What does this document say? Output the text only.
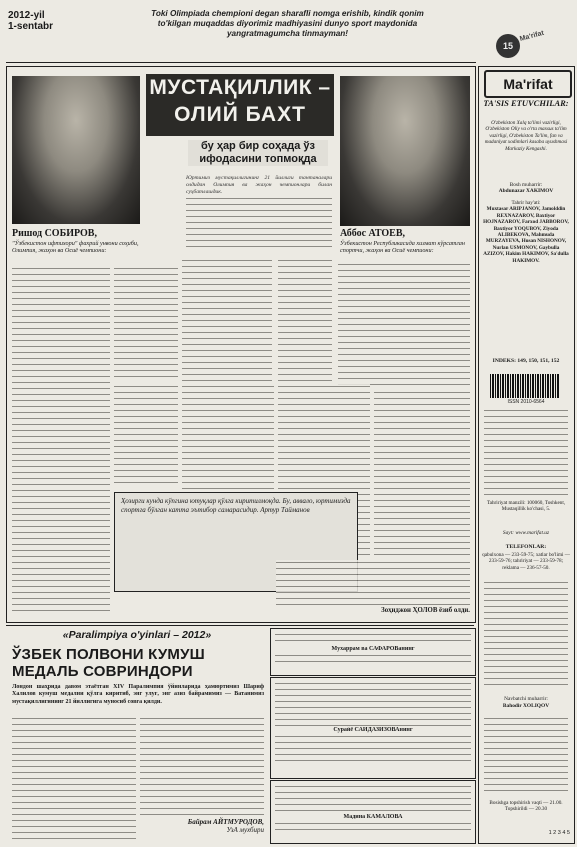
2012-yil
1-sentabr
Toki Olimpiada chempioni degan sharafli nomga erishib, kindik qonim
to'kilgan muqaddas diyorimiz madhiyasini dunyo sport maydonida
yangratmagumcha tinmayman!
15
Ma'rifat
МУСТАҚИЛЛИК –
ОЛИЙ БАХТ
бу ҳар бир соҳада ўз
ифодасини топмоқда
Юртимиз мустақиллигининг 21 йиллиги тантаналари олдидан Олимпия ва жаҳон чемпионлари билан суҳбатлашдик.
Ришод СОБИРОВ,
"Ўзбекистон ифтихори" фахрий унвони соҳиби, Олимпия, жаҳон ва Осиё чемпиони:
Аббос АТОЕВ,
Ўзбекистон Республикасида хизмат кўрсатган спортчи, жаҳон ва Осиё чемпиони:
Ҳозирги кунда кўпгина ютуқлар қўлга киритилмоқда. Бу, аввало, юртимизда спортга бўлган катта эътибор самарасидир. Артур Тайманов
Зоҳиджон ҲОЛОВ ёзиб олди.
Ma'rifat
TA'SIS ETUVCHILAR:
O'zbekiston Xalq ta'limi vazirligi, O'zbekiston Oliy va o'rta maxsus ta'lim vazirligi, O'zbekiston Ta'lim, fan va madaniyat xodimlari kasaba uyushmasi Markaziy Kengashi.
Bosh muharrir:
Abdunazar XAKIMOV
Tahrir hay'ati:
Muxtasar ARIPJANOV, Jamolddin REXNAZAROV, Baxtiyor HOJNAZAROV, Farxod JABBOROV, Baxtiyor YOQUBOV, Ziyoda ALIBEKOVA, Mahmuda MURZAYEVA, Husan NISHONOV, Nurlan USMONOV, Gaybulla AZIZOV, Hakim HAKIMOV, Sa'dulla HAKIMOV.
INDEKS: 149, 150, 151, 152
ISSN 2010-6564
Tahririyat manzili: 100060, Toshkent, Mustaqillik ko'chasi, 5.
Sayt: www.marifat.uz
TELEFONLAR:
qabulxona — 233-59-75; xatlar bo'limi — 233-59-76; tahririyat — 233-59-78; reklama — 236-57-50.
Navbatchi muharrir:
Bahodir XOLIQOV
Bosishga topshirish vaqti — 21.00. Topshirildi — 20.30
1 2 3 4 5
«Paralimpiya o'yinlari – 2012»
ЎЗБЕК ПОЛВОНИ КУМУШ МЕДАЛЬ СОВРИНДОРИ
Лондон шаҳрида давом этаётган XIV Паралимпия ўйинларида ҳамюртимиз Шариф Халилов кумуш медални қўлга киритиб, энг улуғ, энг азиз байрамимиз — Ватанимиз мустақиллигининг 21 йиллигига муносиб совға қилди.
Байрам АЙТМУРОДОВ,
УзА мухбири
Мухаррам ва САФАРОВанинг
Сурайё САИДАЗИЗОВАнинг
Мадина КАМАЛОВА
